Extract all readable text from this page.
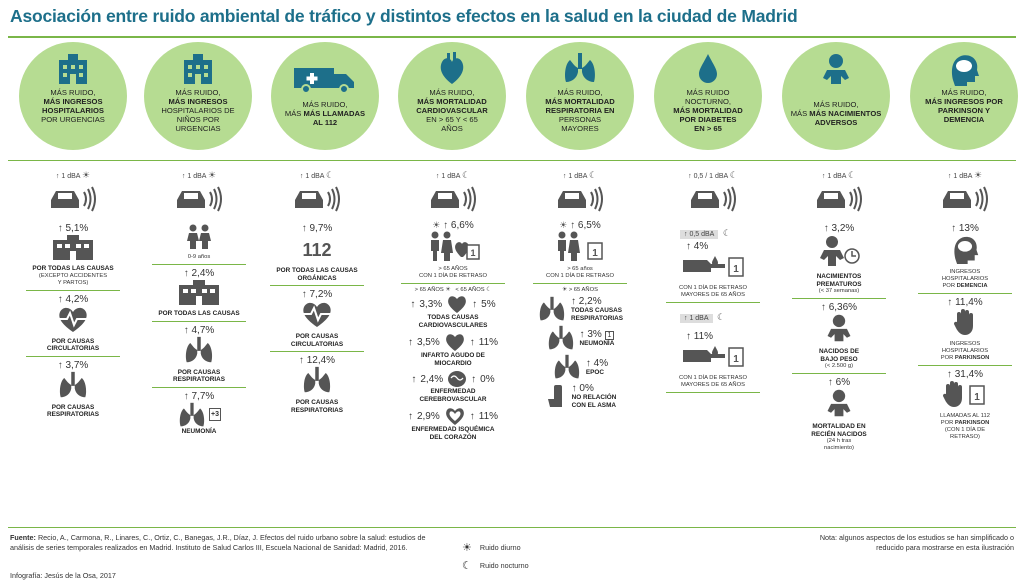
Asociación entre ruido ambiental de tráfico y distintos efectos en la salud en la ciudad de Madrid
MÁS RUIDO,
MÁS INGRESOS
HOSPITALARIOS
POR URGENCIAS
MÁS RUIDO,
MÁS INGRESOS
HOSPITALARIOS DE
NIÑOS POR
URGENCIAS
MÁS RUIDO,
MÁS MÁS LLAMADAS
AL 112
MÁS RUIDO,
MÁS MORTALIDAD
CARDIOVASCULAR
EN > 65 Y < 65
AÑOS
MÁS RUIDO,
MÁS MORTALIDAD
RESPIRATORIA EN
PERSONAS
MAYORES
MÁS RUIDO
NOCTURNO,
MÁS MORTALIDAD
POR DIABETES
EN > 65
MÁS RUIDO,
MÁS MÁS NACIMIENTOS
ADVERSOS
MÁS RUIDO,
MÁS INGRESOS POR
PARKINSON Y
DEMENCIA
↑ 1 dBA ☀
↑ 5,1%
POR TODAS LAS CAUSAS
(EXCEPTO ACCIDENTES
Y PARTOS)
↑ 4,2%
POR CAUSAS
CIRCULATORIAS
↑ 3,7%
POR CAUSAS
RESPIRATORIAS
↑ 1 dBA ☀
0-9 años
↑ 2,4%
POR TODAS LAS CAUSAS
↑ 4,7%
POR CAUSAS
RESPIRATORIAS
↑ 7,7%
+3
NEUMONÍA
↑ 1 dBA ☾
↑ 9,7%
112
POR TODAS LAS CAUSAS
ORGÁNICAS
↑ 7,2%
POR CAUSAS
CIRCULATORIAS
↑ 12,4%
POR CAUSAS
RESPIRATORIAS
↑ 1 dBA ☾
☀ ↑ 6,6%
1
> 65 AÑOS
CON 1 DÍA DE RETRASO
> 65 AÑOS ☀   < 65 AÑOS ☾
↑ 3,3%	↑ 5%
TODAS CAUSAS
CARDIOVASCULARES
↑ 3,5%	↑ 11%
INFARTO AGUDO DE
MIOCARDIO
↑ 2,4%	↑ 0%
ENFERMEDAD
CEREBROVASCULAR
↑ 2,9%	↑ 11%
ENFERMEDAD ISQUÉMICA
DEL CORAZÓN
↑ 1 dBA ☾
☀ ↑ 6,5%
1
> 65 años
CON 1 DÍA DE RETRASO
☀ > 65 AÑOS
↑ 2,2%
TODAS CAUSAS
RESPIRATORIAS
↑ 3% 1
NEUMONÍA
↑ 4%
EPOC
↑ 0%
NO RELACIÓN
CON EL ASMA
↑ 0,5 / 1 dBA ☾
↑ 0,5 dBA ☾
↑ 4%
1
CON 1 DÍA DE RETRASO
MAYORES DE 65 AÑOS
↑ 1 dBA ☾
↑ 11%
1
CON 1 DÍA DE RETRASO
MAYORES DE 65 AÑOS
↑ 1 dBA ☾
↑ 3,2%
NACIMIENTOS
PREMATUROS
(< 37 semanas)
↑ 6,36%
NACIDOS DE
BAJO PESO
(< 2.500 g)
↑ 6%
MORTALIDAD EN
RECIÉN NACIDOS
(24 h tras
nacimiento)
↑ 1 dBA ☀
↑ 13%
INGRESOS
HOSPITALARIOS
POR DEMENCIA
↑ 11,4%
INGRESOS
HOSPITALARIOS
POR PARKINSON
↑ 31,4%
1
LLAMADAS AL 112
POR PARKINSON
(CON 1 DÍA DE
RETRASO)
Fuente: Recio, A., Carmona, R., Linares, C., Ortiz, C., Banegas, J.R., Díaz, J. Efectos del ruido urbano sobre la salud: estudios de análisis de series temporales realizados en Madrid. Instituto de Salud Carlos III, Escuela Nacional de Sanidad: Madrid, 2016.
Infografía: Jesús de la Osa, 2017
☀ Ruido diurno
☾ Ruido nocturno
Nota: algunos aspectos de los estudios se han simplificado o reducido para mostrarse en esta ilustración
